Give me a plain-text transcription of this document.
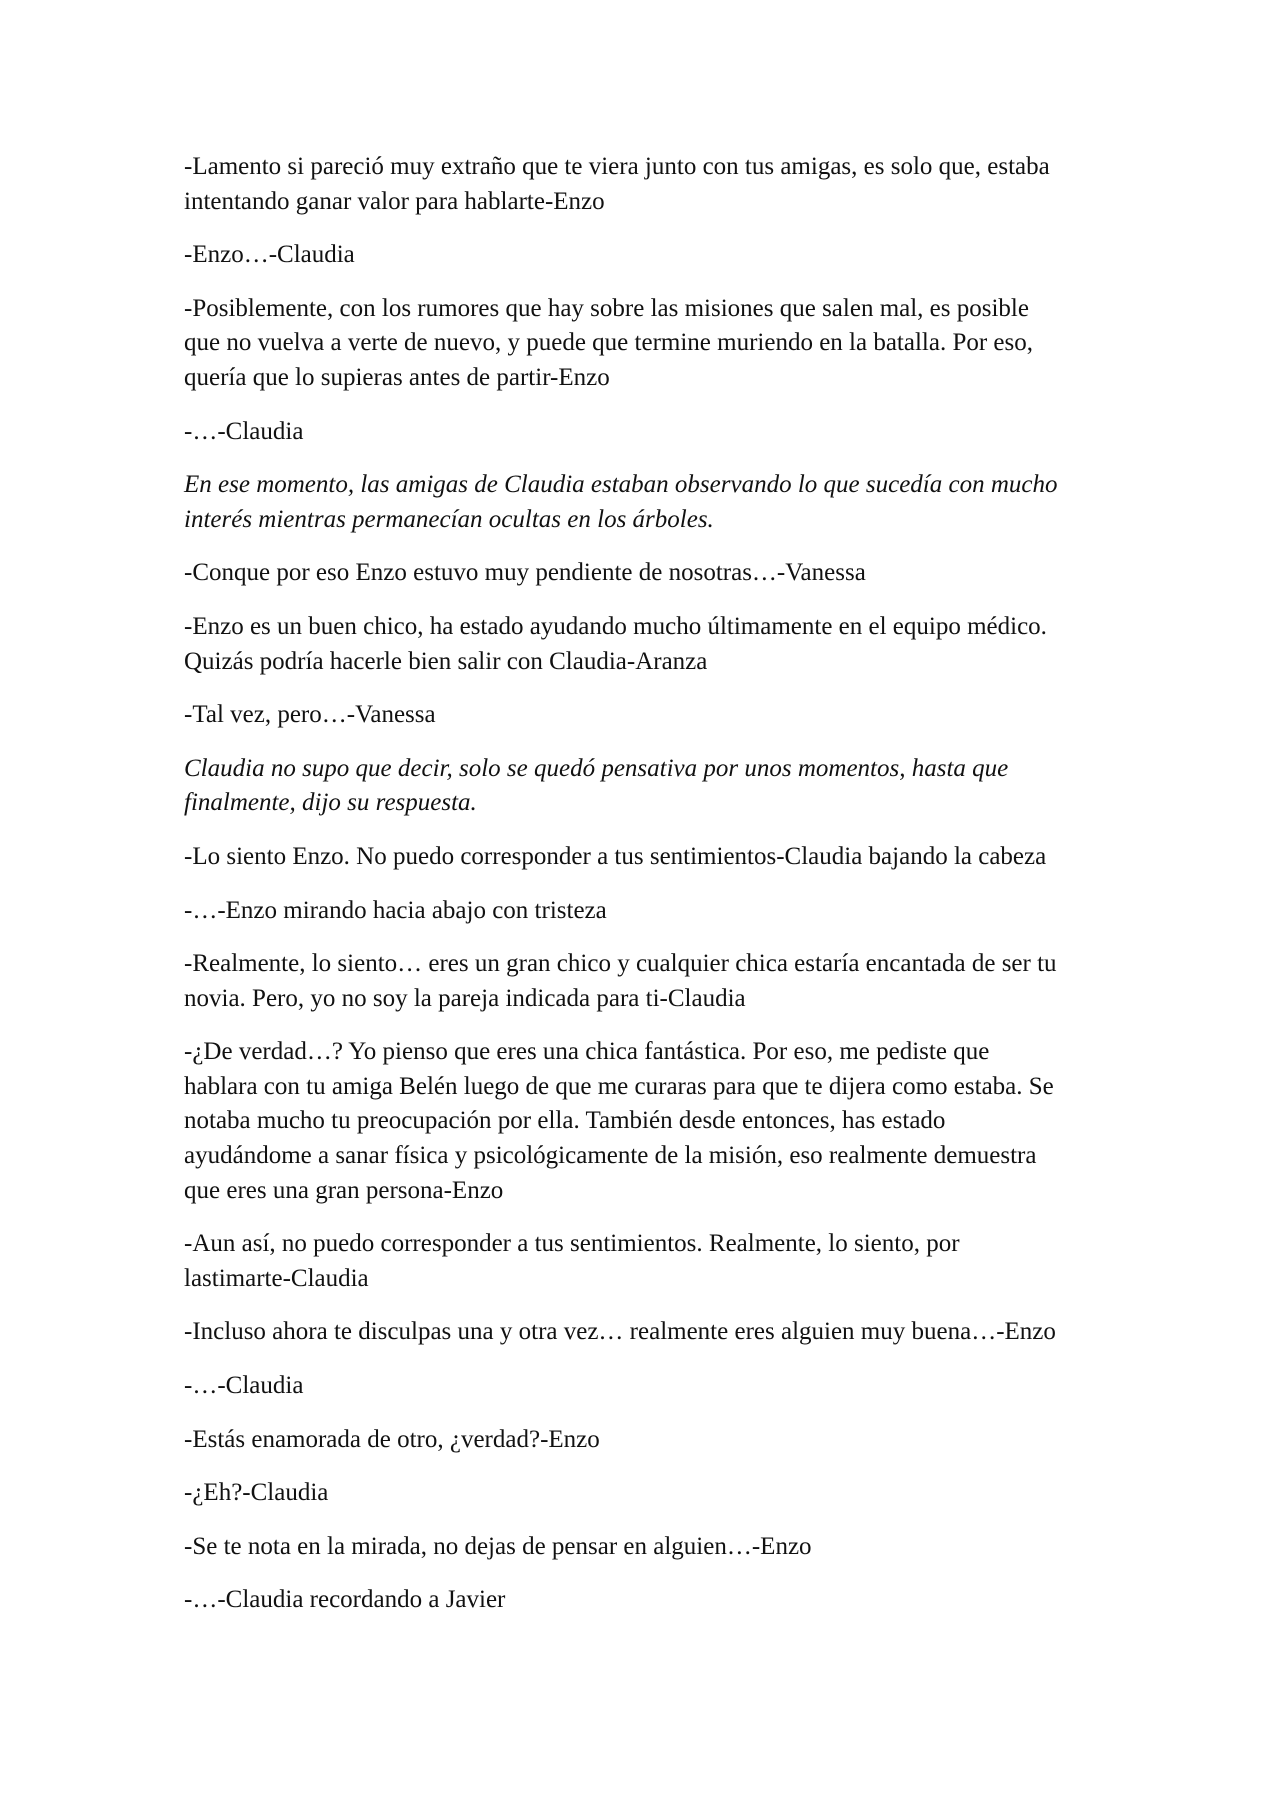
-Lamento si pareció muy extraño que te viera junto con tus amigas, es solo que, estaba
intentando ganar valor para hablarte-Enzo

-Enzo…-Claudia

-Posiblemente, con los rumores que hay sobre las misiones que salen mal, es posible
que no vuelva a verte de nuevo, y puede que termine muriendo en la batalla. Por eso,
quería que lo supieras antes de partir-Enzo

-…-Claudia

En ese momento, las amigas de Claudia estaban observando lo que sucedía con mucho
interés mientras permanecían ocultas en los árboles.

-Conque por eso Enzo estuvo muy pendiente de nosotras…-Vanessa

-Enzo es un buen chico, ha estado ayudando mucho últimamente en el equipo médico.
Quizás podría hacerle bien salir con Claudia-Aranza

-Tal vez, pero…-Vanessa

Claudia no supo que decir, solo se quedó pensativa por unos momentos, hasta que
finalmente, dijo su respuesta.

-Lo siento Enzo. No puedo corresponder a tus sentimientos-Claudia bajando la cabeza

-…-Enzo mirando hacia abajo con tristeza

-Realmente, lo siento… eres un gran chico y cualquier chica estaría encantada de ser tu
novia. Pero, yo no soy la pareja indicada para ti-Claudia

-¿De verdad…? Yo pienso que eres una chica fantástica. Por eso, me pediste que
hablara con tu amiga Belén luego de que me curaras para que te dijera como estaba. Se
notaba mucho tu preocupación por ella. También desde entonces, has estado
ayudándome a sanar física y psicológicamente de la misión, eso realmente demuestra
que eres una gran persona-Enzo

-Aun así, no puedo corresponder a tus sentimientos. Realmente, lo siento, por
lastimarte-Claudia

-Incluso ahora te disculpas una y otra vez… realmente eres alguien muy buena…-Enzo

-…-Claudia

-Estás enamorada de otro, ¿verdad?-Enzo

-¿Eh?-Claudia

-Se te nota en la mirada, no dejas de pensar en alguien…-Enzo

-…-Claudia recordando a Javier
